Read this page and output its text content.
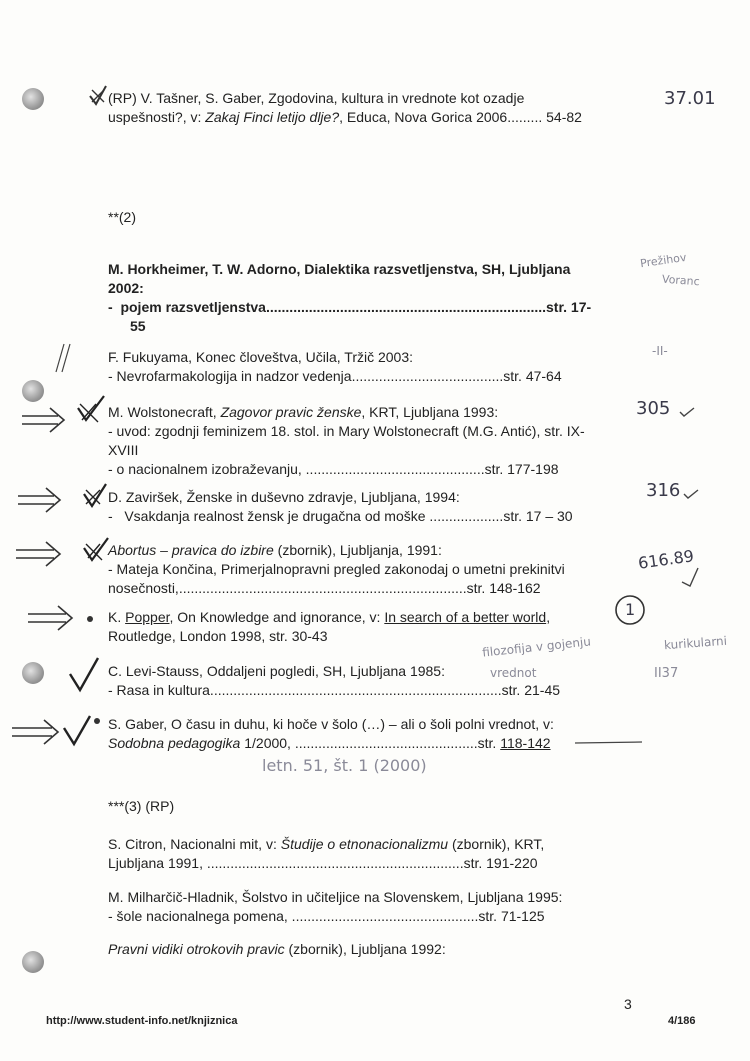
(RP) V. Tašner, S. Gaber, Zgodovina, kultura in vrednote kot ozadje
uspešnosti?, v: Zakaj Finci letijo dlje?, Educa, Nova Gorica 2006......... 54-82
**(2)
M. Horkheimer, T. W. Adorno, Dialektika razsvetljenstva, SH, Ljubljana
2002:
- pojem razsvetljenstva........................................................................str. 17-
55
F. Fukuyama, Konec človeštva, Učila, Tržič 2003:
- Nevrofarmakologija in nadzor vedenja.......................................str. 47-64
M. Wolstonecraft, Zagovor pravic ženske, KRT, Ljubljana 1993:
- uvod: zgodnji feminizem 18. stol. in Mary Wolstonecraft (M.G. Antić), str. IX-
XVIII
- o nacionalnem izobraževanju, ..............................................str. 177-198
D. Zaviršek, Ženske in duševno zdravje, Ljubljana, 1994:
- Vsakdanja realnost žensk je drugačna od moške ...................str. 17 – 30
Abortus – pravica do izbire (zbornik), Ljubljanja, 1991:
- Mateja Končina, Primerjalnopravni pregled zakonodaj o umetni prekinitvi
nosečnosti,..........................................................................str. 148-162
K. Popper, On Knowledge and ignorance, v: In search of a better world,
Routledge, London 1998, str. 30-43
C. Levi-Stauss, Oddaljeni pogledi, SH, Ljubljana 1985:
- Rasa in kultura...........................................................................str. 21-45
S. Gaber, O času in duhu, ki hoče v šolo (…) – ali o šoli polni vrednot, v:
Sodobna pedagogika 1/2000, ...............................................str. 118-142
***(3) (RP)
S. Citron, Nacionalni mit, v: Študije o etnonacionalizmu (zbornik), KRT,
Ljubljana 1991, ..................................................................str. 191-220
M. Milharčič-Hladnik, Šolstvo in učiteljice na Slovenskem, Ljubljana 1995:
- šole nacionalnega pomena, ................................................str. 71-125
Pravni vidiki otrokovih pravic (zbornik), Ljubljana 1992:
37.01
Prežihov
Voranc
-II-
305
316
616.89
1
filozofija v gojenju
vrednot
kurikularni
II37
letn. 51, št. 1 (2000)
3
http://www.student-info.net/knjiznica	4/186
